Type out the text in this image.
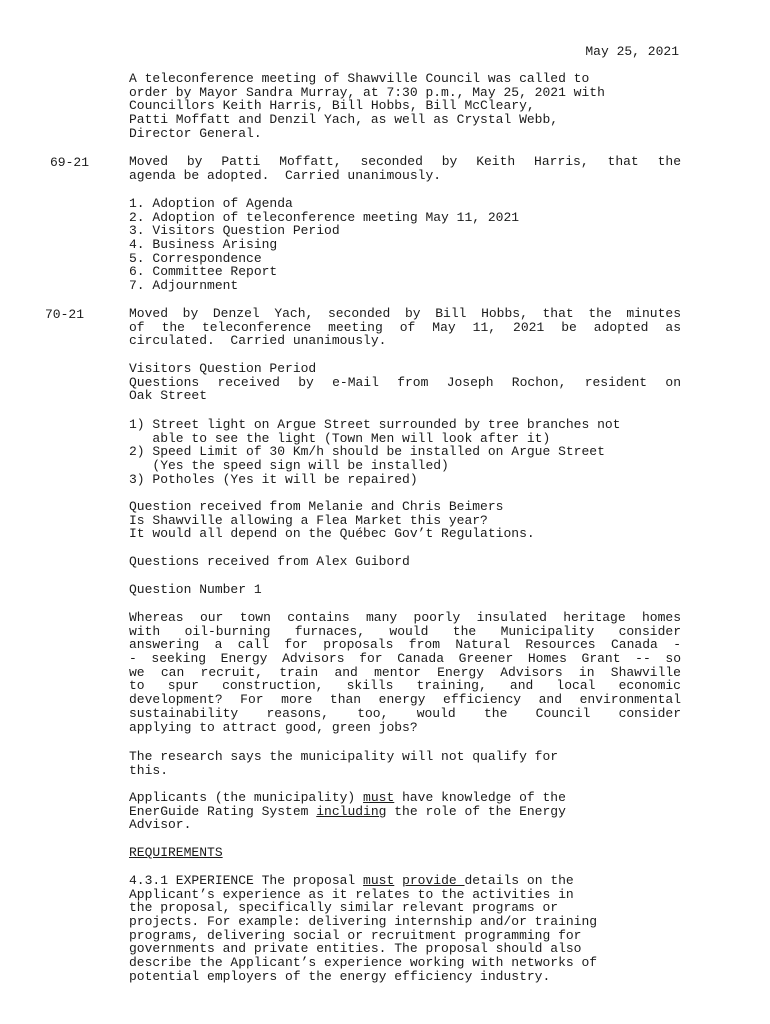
May 25, 2021
A teleconference meeting of Shawville Council was called to
order by Mayor Sandra Murray, at 7:30 p.m., May 25, 2021 with
Councillors Keith Harris, Bill Hobbs, Bill McCleary,
Patti Moffatt and Denzil Yach, as well as Crystal Webb,
Director General.
69-21	Moved by Patti Moffatt, seconded by Keith Harris, that the
agenda be adopted.  Carried unanimously.
1. Adoption of Agenda
2. Adoption of teleconference meeting May 11, 2021
3. Visitors Question Period
4. Business Arising
5. Correspondence
6. Committee Report
7. Adjournment
70-21	Moved by Denzel Yach, seconded by Bill Hobbs, that the minutes
of the teleconference meeting of May 11, 2021 be adopted as
circulated.  Carried unanimously.
Visitors Question Period
Questions received by e-Mail from Joseph Rochon, resident on
Oak Street
1) Street light on Argue Street surrounded by tree branches not
able to see the light (Town Men will look after it)
2) Speed Limit of 30 Km/h should be installed on Argue Street
(Yes the speed sign will be installed)
3) Potholes (Yes it will be repaired)
Question received from Melanie and Chris Beimers
Is Shawville allowing a Flea Market this year?
It would all depend on the Québec Gov’t Regulations.
Questions received from Alex Guibord
Question Number 1
Whereas our town contains many poorly insulated heritage homes
with oil-burning furnaces, would the Municipality consider
answering a call for proposals from Natural Resources Canada -
- seeking Energy Advisors for Canada Greener Homes Grant -- so
we can recruit, train and mentor Energy Advisors in Shawville
to spur construction, skills training, and local economic
development? For more than energy efficiency and environmental
sustainability reasons, too, would the Council consider
applying to attract good, green jobs?
The research says the municipality will not qualify for
this.
Applicants (the municipality) must have knowledge of the
EnerGuide Rating System including the role of the Energy
Advisor.
REQUIREMENTS
4.3.1 EXPERIENCE The proposal must provide details on the
Applicant’s experience as it relates to the activities in
the proposal, specifically similar relevant programs or
projects. For example: delivering internship and/or training
programs, delivering social or recruitment programming for
governments and private entities. The proposal should also
describe the Applicant’s experience working with networks of
potential employers of the energy efficiency industry.
